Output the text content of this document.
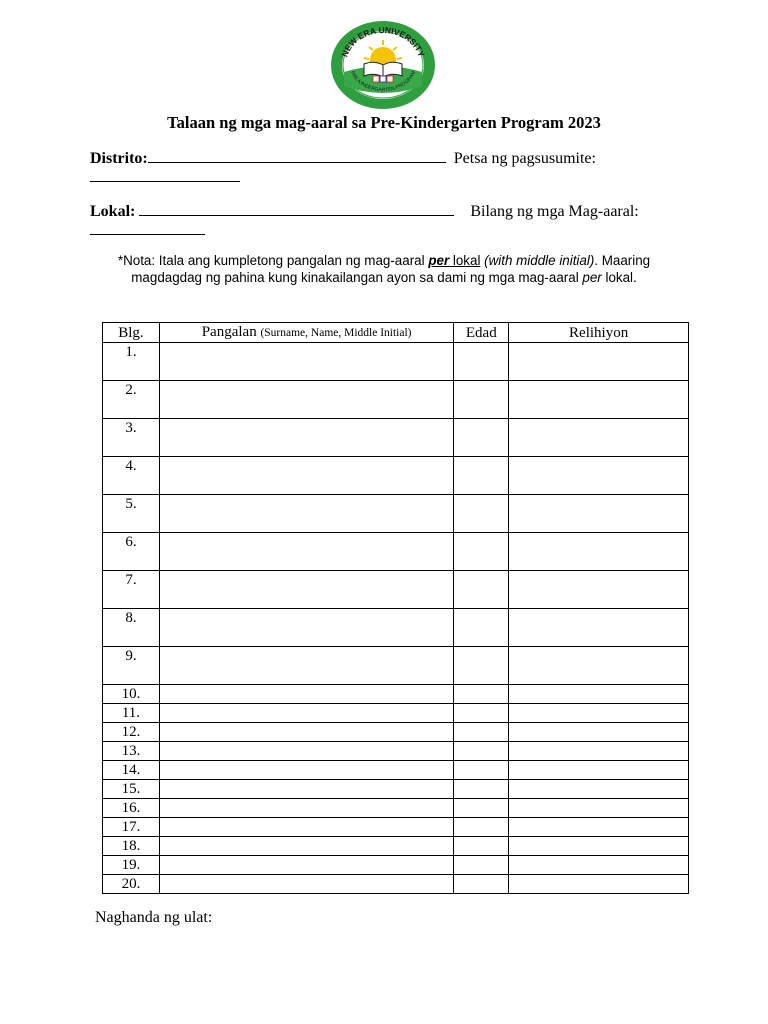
NEW ERA UNIVERSITY
PRE-KINDERGARTEN PROGRAM
Talaan ng mga mag-aaral sa Pre-Kindergarten Program 2023
Distrito:	Petsa ng pagsusumite:
Lokal:	Bilang ng mga Mag-aaral:
*Nota: Itala ang kumpletong pangalan ng mag-aaral per lokal (with middle initial). Maaring magdagdag ng pahina kung kinakailangan ayon sa dami ng mga mag-aaral per lokal.
Blg.	Pangalan (Surname, Name, Middle Initial)	Edad	Relihiyon
1.			
2.			
3.			
4.			
5.			
6.			
7.			
8.			
9.			
10.			
11.			
12.			
13.			
14.			
15.			
16.			
17.			
18.			
19.			
20.			
Naghanda ng ulat:
